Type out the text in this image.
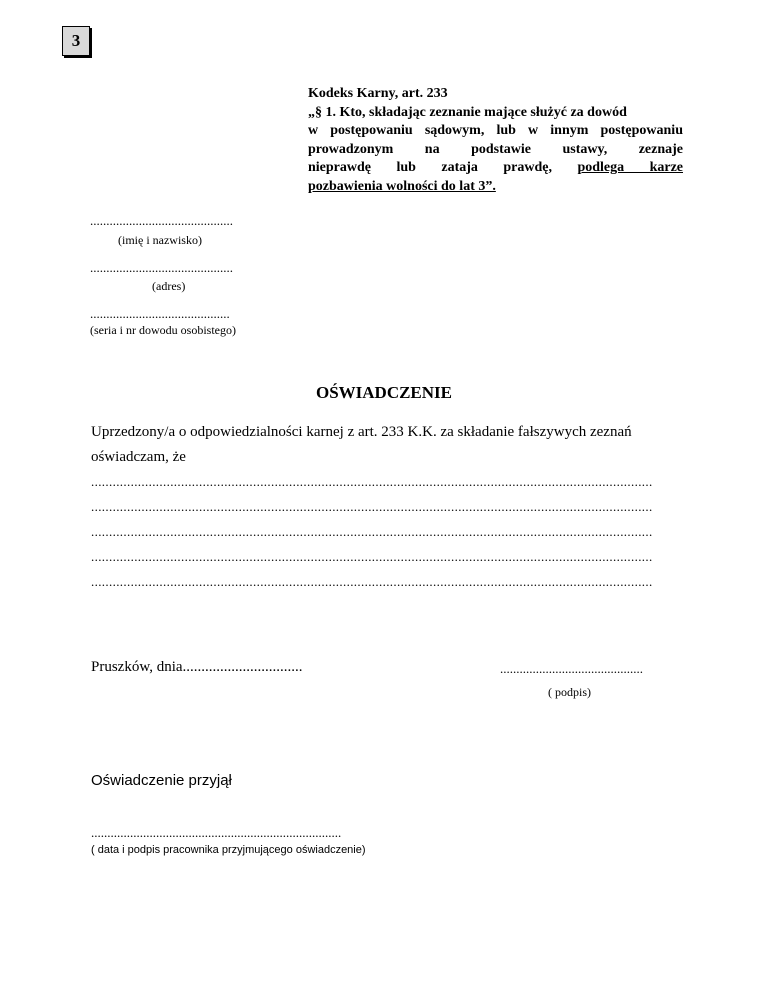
3
Kodeks Karny, art. 233
„§ 1. Kto, składając zeznanie mające służyć za dowód
w postępowaniu sądowym, lub w innym postępowaniu
prowadzonym na podstawie ustawy, zeznaje
nieprawdę lub zataja prawdę, podlega karze
pozbawienia wolności do lat 3”.
............................................
(imię i nazwisko)
............................................
(adres)
...........................................
(seria i nr dowodu osobistego)
OŚWIADCZENIE
Uprzedzony/a o odpowiedzialności karnej z art. 233 K.K. za składanie fałszywych zeznań
oświadczam, że
............................................................................................................................................................
............................................................................................................................................................
............................................................................................................................................................
............................................................................................................................................................
............................................................................................................................................................
Pruszków, dnia................................	............................................
( podpis)
Oświadczenie przyjął
.............................................................................
( data i podpis pracownika przyjmującego oświadczenie)
